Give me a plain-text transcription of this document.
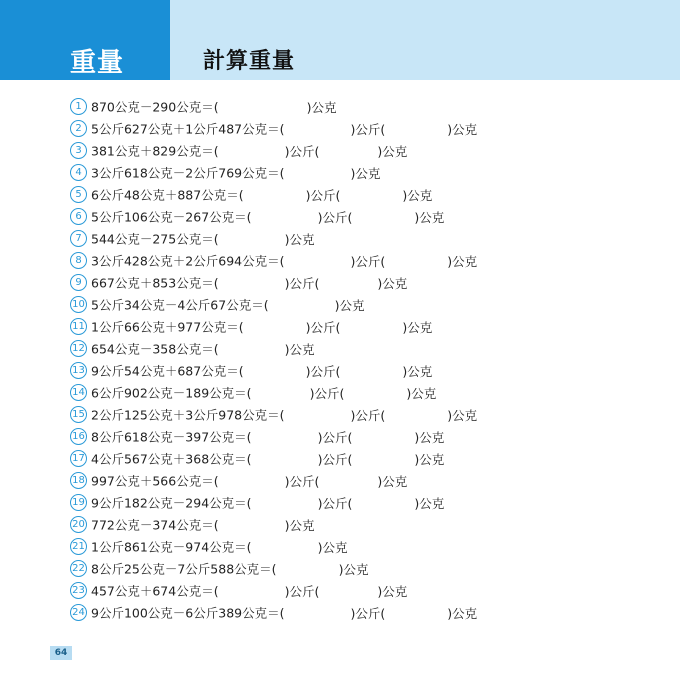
重量	計算重量
1 870公克－290公克＝(	)公克
2 5公斤627公克＋1公斤487公克＝(	)公斤(	)公克
3 381公克＋829公克＝(	)公斤(	)公克
4 3公斤618公克－2公斤769公克＝(	)公克
5 6公斤48公克＋887公克＝(	)公斤(	)公克
6 5公斤106公克－267公克＝(	)公斤(	)公克
7 544公克－275公克＝(	)公克
8 3公斤428公克＋2公斤694公克＝(	)公斤(	)公克
9 667公克＋853公克＝(	)公斤(	)公克
10 5公斤34公克－4公斤67公克＝(	)公克
11 1公斤66公克＋977公克＝(	)公斤(	)公克
12 654公克－358公克＝(	)公克
13 9公斤54公克＋687公克＝(	)公斤(	)公克
14 6公斤902公克－189公克＝(	)公斤(	)公克
15 2公斤125公克＋3公斤978公克＝(	)公斤(	)公克
16 8公斤618公克－397公克＝(	)公斤(	)公克
17 4公斤567公克＋368公克＝(	)公斤(	)公克
18 997公克＋566公克＝(	)公斤(	)公克
19 9公斤182公克－294公克＝(	)公斤(	)公克
20 772公克－374公克＝(	)公克
21 1公斤861公克－974公克＝(	)公克
22 8公斤25公克－7公斤588公克＝(	)公克
23 457公克＋674公克＝(	)公斤(	)公克
24 9公斤100公克－6公斤389公克＝(	)公斤(	)公克
64
